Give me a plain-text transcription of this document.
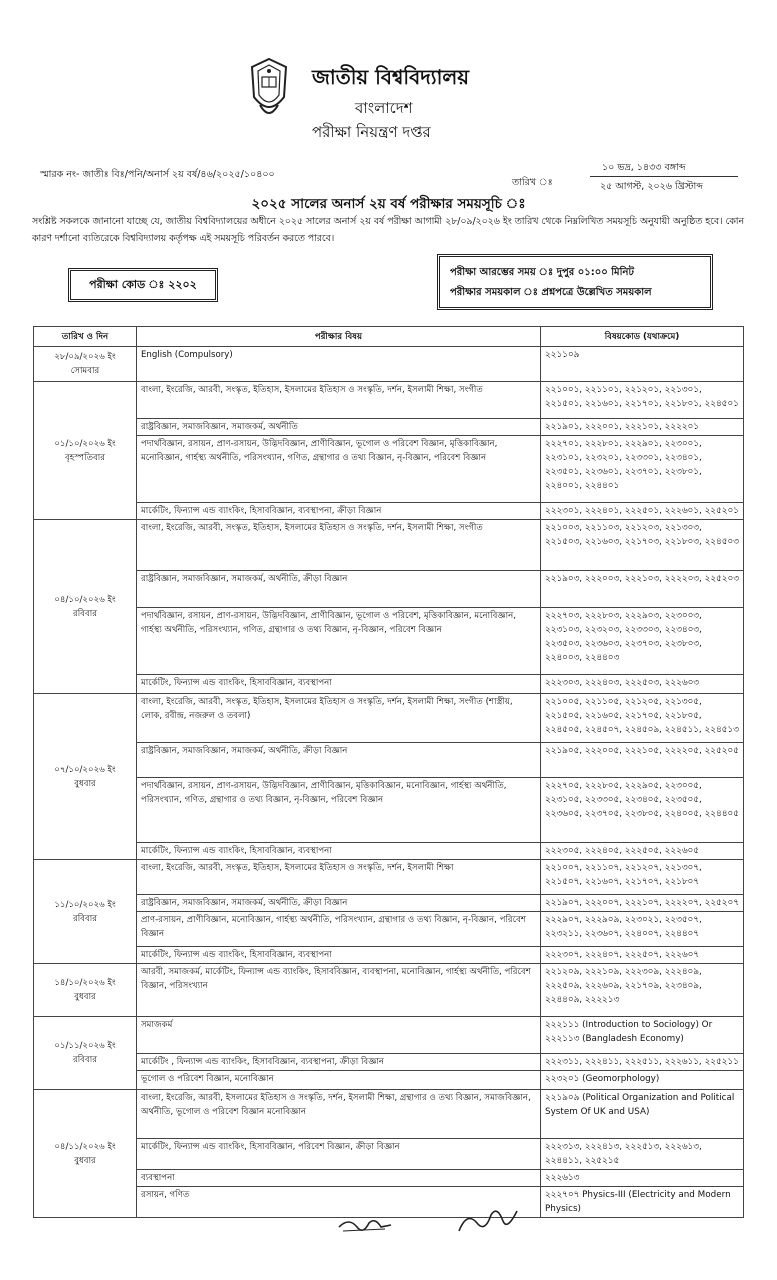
জাতীয় বিশ্ববিদ্যালয়
বাংলাদেশ
পরীক্ষা নিয়ন্ত্রণ দপ্তর
স্মারক নং- জাতীঃ বিঃ/পনি/অনার্স ২য় বর্ষ/৪৬/২০২৫/১০৪০০
তারিখ ঃ
১০ ভদ্র, ১৪৩৩ বঙ্গাব্দ
২৫ আগস্ট, ২০২৬ খ্রিস্টাব্দ
২০২৫ সালের অনার্স ২য় বর্ষ পরীক্ষার সময়সূচি ঃ
সংশ্লিষ্ট সকলকে জানানো যাচ্ছে যে, জাতীয় বিশ্ববিদ্যালয়ের অধীনে ২০২৫ সালের অনার্স ২য় বর্ষ পরীক্ষা আগামী ২৮/০৯/২০২৬ ইং তারিখ থেকে নিম্নলিখিত সময়সূচি অনুযায়ী অনুষ্ঠিত হবে। কোন কারণ দর্শানো ব্যতিরেকে বিশ্ববিদ্যালয় কর্তৃপক্ষ এই সময়সূচি পরিবর্তন করতে পারবে।
পরীক্ষা কোড ঃ ২২০২
পরীক্ষা আরম্ভের সময় ঃ দুপুর ০১:০০ মিনিট
পরীক্ষার সময়কাল ঃ প্রশ্নপত্রে উল্লেখিত সময়কাল
তারিখ ও দিন	পরীক্ষার বিষয়	বিষয়কোড (যথাক্রমে)

২৮/০৯/২০২৬ ইং
সোমবার	English (Compulsory)	২২১১০৯

০১/১০/২০২৬ ইং
বৃহস্পতিবার	বাংলা, ইংরেজি, আরবী, সংস্কৃত, ইতিহাস, ইসলামের ইতিহাস ও সংস্কৃতি, দর্শন, ইসলামী শিক্ষা, সংগীত	২২১০০১, ২২১১০১, ২২১২০১, ২২১৩০১, ২২১৫০১, ২২১৬০১, ২২১৭০১, ২২১৮০১, ২২৪৫০১
	রাষ্ট্রবিজ্ঞান, সমাজবিজ্ঞান, সমাজকর্ম, অর্থনীতি	২২১৯০১, ২২২০০১, ২২২১০১, ২২২২০১
	পদার্থবিজ্ঞান, রসায়ন, প্রাণ-রসায়ন, উদ্ভিদবিজ্ঞান, প্রাণীবিজ্ঞান, ভূগোল ও পরিবেশ বিজ্ঞান, মৃত্তিকাবিজ্ঞান, মনোবিজ্ঞান, গার্হস্থ্য অর্থনীতি, পরিসংখ্যান, গণিত, গ্রন্থাগার ও তথ্য বিজ্ঞান, নৃ-বিজ্ঞান, পরিবেশ বিজ্ঞান	২২২৭০১, ২২২৮০১, ২২২৯০১, ২২৩০০১, ২২৩১০১, ২২৩২০১, ২২৩৩০১, ২২৩৪০১, ২২৩৫০১, ২২৩৬০১, ২২৩৭০১, ২২৩৮০১, ২২৪০০১, ২২৪৪০১
	মার্কেটিং, ফিন্যান্স এন্ড ব্যাংকিং, হিসাববিজ্ঞান, ব্যবস্থাপনা, ক্রীড়া বিজ্ঞান	২২২৩০১, ২২২৪০১, ২২২৫০১, ২২২৬০১, ২২৫২০১

০৪/১০/২০২৬ ইং
রবিবার	বাংলা, ইংরেজি, আরবী, সংস্কৃত, ইতিহাস, ইসলামের ইতিহাস ও সংস্কৃতি, দর্শন, ইসলামী শিক্ষা, সংগীত	২২১০০৩, ২২১১০৩, ২২১২০৩, ২২১৩০৩, ২২১৫০৩, ২২১৬০৩, ২২১৭০৩, ২২১৮০৩, ২২৪৫০৩
	রাষ্ট্রবিজ্ঞান, সমাজবিজ্ঞান, সমাজকর্ম, অর্থনীতি, ক্রীড়া বিজ্ঞান	২২১৯০৩, ২২২০০৩, ২২২১০৩, ২২২২০৩, ২২৫২০৩
	পদার্থবিজ্ঞান, রসায়ন, প্রাণ-রসায়ন, উদ্ভিদবিজ্ঞান, প্রাণীবিজ্ঞান, ভূগোল ও পরিবেশ, মৃত্তিকাবিজ্ঞান, মনোবিজ্ঞান, গার্হস্থ্য অর্থনীতি, পরিসংখ্যান, গণিত, গ্রন্থাগার ও তথ্য বিজ্ঞান, নৃ-বিজ্ঞান, পরিবেশ বিজ্ঞান	২২২৭০৩, ২২২৮০৩, ২২২৯০৩, ২২৩০০৩, ২২৩১০৩, ২২৩২০৩, ২২৩৩০৩, ২২৩৪০৩, ২২৩৫০৩, ২২৩৬০৩, ২২৩৭০৩, ২২৩৮০৩, ২২৪০০৩, ২২৪৪০৩
	মার্কেটিং, ফিন্যান্স এন্ড ব্যাংকিং, হিসাববিজ্ঞান, ব্যবস্থাপনা	২২২৩০৩, ২২২৪০৩, ২২২৫০৩, ২২২৬০৩

০৭/১০/২০২৬ ইং
বুধবার	বাংলা, ইংরেজি, আরবী, সংস্কৃত, ইতিহাস, ইসলামের ইতিহাস ও সংস্কৃতি, দর্শন, ইসলামী শিক্ষা, সংগীত (শাস্ত্রীয়, লোক, রবীন্দ্র, নজরুল ও তবলা)	২২১০০৫, ২২১১০৫, ২২১২০৫, ২২১৩০৫, ২২১৫০৫, ২২১৬০৫, ২২১৭০৫, ২২১৮০৫, ২২৪৫০৫, ২২৪৫০৭, ২২৪৫০৯, ২২৪৫১১, ২২৪৫১৩
	রাষ্ট্রবিজ্ঞান, সমাজবিজ্ঞান, সমাজকর্ম, অর্থনীতি, ক্রীড়া বিজ্ঞান	২২১৯০৫, ২২২০০৫, ২২২১০৫, ২২২২০৫, ২২৫২০৫
	পদার্থবিজ্ঞান, রসায়ন, প্রাণ-রসায়ন, উদ্ভিদবিজ্ঞান, প্রাণীবিজ্ঞান, মৃত্তিকাবিজ্ঞান, মনোবিজ্ঞান, গার্হস্থ্য অর্থনীতি, পরিসংখ্যান, গণিত, গ্রন্থাগার ও তথ্য বিজ্ঞান, নৃ-বিজ্ঞান, পরিবেশ বিজ্ঞান	২২২৭০৫, ২২২৮০৫, ২২২৯০৫, ২২৩০০৫, ২২৩১০৫, ২২৩৩০৫, ২২৩৪০৫, ২২৩৫০৫, ২২৩৬০৫, ২২৩৭০৫, ২২৩৮০৫, ২২৪০০৫, ২২৪৪০৫
	মার্কেটিং, ফিন্যান্স এন্ড ব্যাংকিং, হিসাববিজ্ঞান, ব্যবস্থাপনা	২২২৩০৫, ২২২৪০৫, ২২২৫০৫, ২২২৬০৫

১১/১০/২০২৬ ইং
রবিবার	বাংলা, ইংরেজি, আরবী, সংস্কৃত, ইতিহাস, ইসলামের ইতিহাস ও সংস্কৃতি, দর্শন, ইসলামী শিক্ষা	২২১০০৭, ২২১১০৭, ২২১২০৭, ২২১৩০৭, ২২১৫০৭, ২২১৬০৭, ২২১৭০৭, ২২১৮০৭
	রাষ্ট্রবিজ্ঞান, সমাজবিজ্ঞান, সমাজকর্ম, অর্থনীতি, ক্রীড়া বিজ্ঞান	২২১৯০৭, ২২২০০৭, ২২২১০৭, ২২২২০৭, ২২৫২০৭
	প্রাণ-রসায়ন, প্রাণীবিজ্ঞান, মনোবিজ্ঞান, গার্হস্থ্য অর্থনীতি, পরিসংখ্যান, গ্রন্থাগার ও তথ্য বিজ্ঞান, নৃ-বিজ্ঞান, পরিবেশ বিজ্ঞান	২২২৯০৭, ২২২৯০৯, ২২৩০২১, ২২৩৫০৭, ২২৩২১১, ২২৩৬০৭, ২২৪০০৭, ২২৪৪০৭
	মার্কেটিং, ফিন্যান্স এন্ড ব্যাংকিং, হিসাববিজ্ঞান, ব্যবস্থাপনা	২২২৩০৭, ২২২৪০৭, ২২২৫০৭, ২২২৬০৭

১৪/১০/২০২৬ ইং
বুধবার	আরবী, সমাজকর্ম, মার্কেটিং, ফিন্যান্স এন্ড ব্যাংকিং, হিসাববিজ্ঞান, ব্যবস্থাপনা, মনোবিজ্ঞান, গার্হস্থ্য অর্থনীতি, পরিবেশ বিজ্ঞান, পরিসংখ্যান	২২১২০৯, ২২২১০৯, ২২২৩০৯, ২২২৪০৯, ২২২৫০৯, ২২২৬০৯, ২২১৭০৯, ২২৩৪০৯, ২২৪৪০৯, ২২২২১৩

০১/১১/২০২৬ ইং
রবিবার	সমাজকর্ম	২২২১১১ (Introduction to Sociology) Or ২২২১১৩ (Bangladesh Economy)
	মার্কেটিং , ফিন্যান্স এন্ড ব্যাংকিং, হিসাববিজ্ঞান, ব্যবস্থাপনা, ক্রীড়া বিজ্ঞান	২২২৩১১, ২২২৪১১, ২২২৫১১, ২২২৬১১, ২২৫২১১
	ভূগোল ও পরিবেশ বিজ্ঞান, মনোবিজ্ঞান	২২৩২০১ (Geomorphology)

০৪/১১/২০২৬ ইং
বুধবার	বাংলা, ইংরেজি, আরবী, ইসলামের ইতিহাস ও সংস্কৃতি, দর্শন, ইসলামী শিক্ষা, গ্রন্থাগার ও তথ্য বিজ্ঞান, সমাজবিজ্ঞান, অর্থনীতি, ভূগোল ও পরিবেশ বিজ্ঞান মনোবিজ্ঞান	২২১৯০৯ (Political Organization and Political System Of UK and USA)
	মার্কেটিং, ফিন্যান্স এন্ড ব্যাংকিং, হিসাববিজ্ঞান, পরিবেশ বিজ্ঞান, ক্রীড়া বিজ্ঞান	২২২৩১৩, ২২২৪১৩, ২২২৫১৩, ২২২৬১৩, ২২৪৪১১, ২২৫২১৫
	ব্যবস্থাপনা	২২২৬১৩
	রসায়ন, গণিত	২২২৭০৭ Physics-III (Electricity and Modern Physics)
